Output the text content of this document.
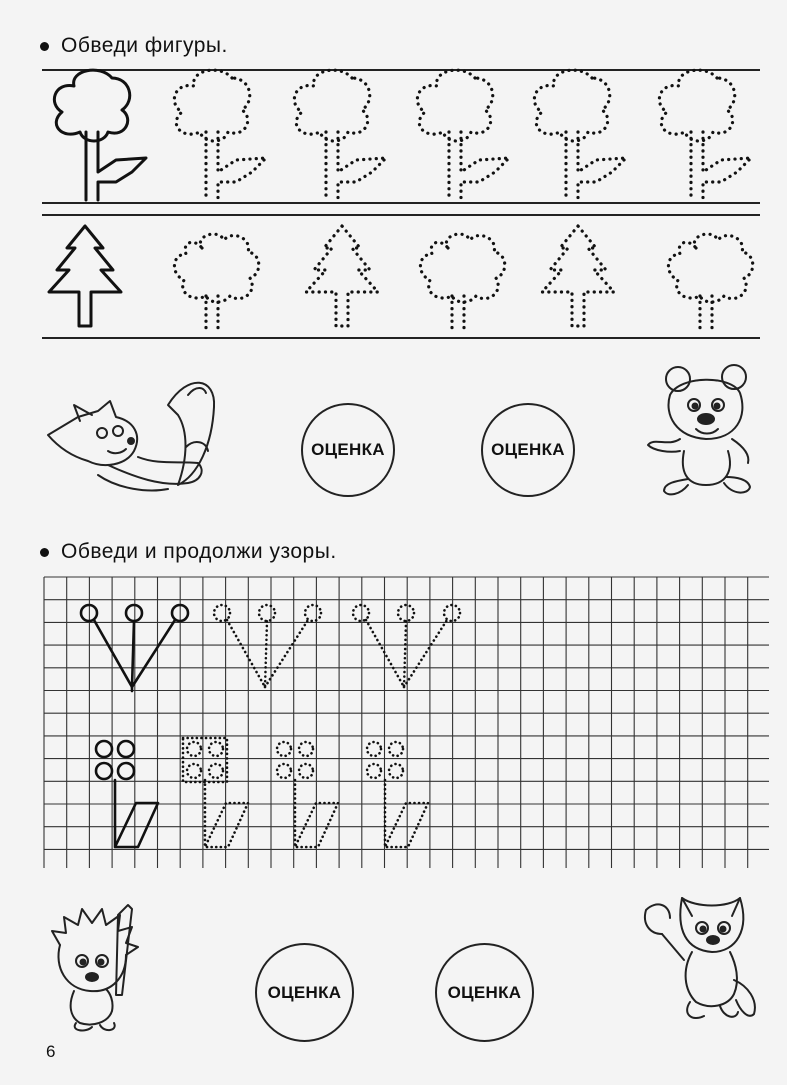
Обведи фигуры.
ОЦЕНКА	ОЦЕНКА
Обведи и продолжи узоры.
ОЦЕНКА	ОЦЕНКА
6
